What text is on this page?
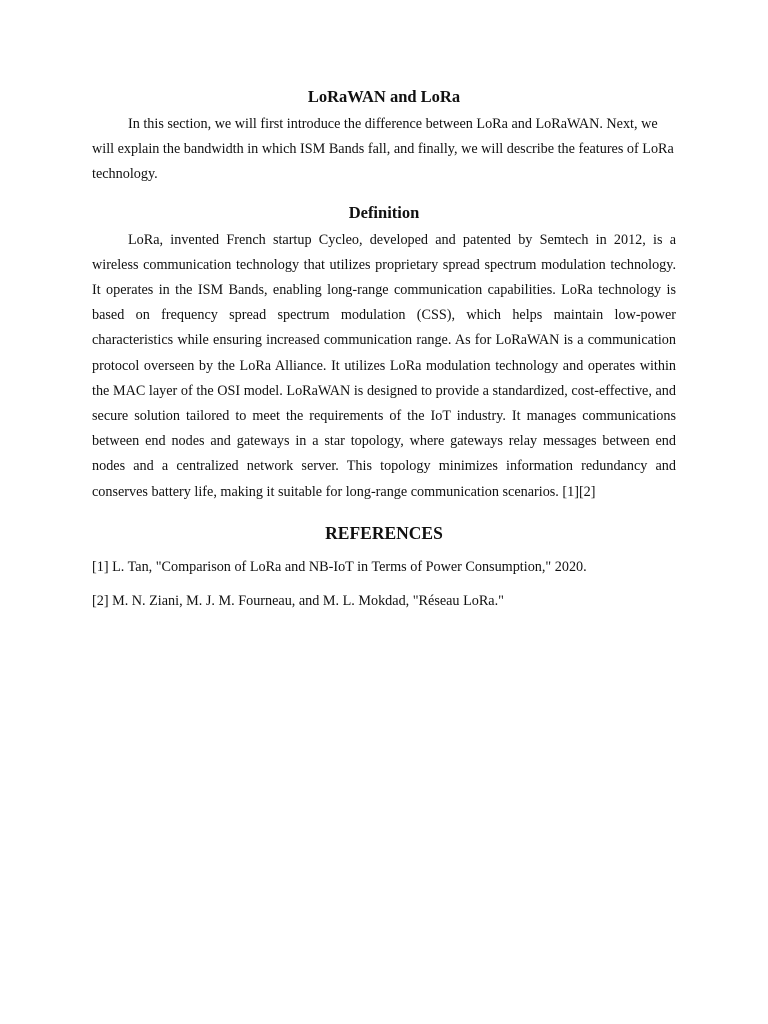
LoRaWAN and LoRa

In this section, we will first introduce the difference between LoRa and LoRaWAN. Next, we will explain the bandwidth in which ISM Bands fall, and finally, we will describe the features of LoRa technology.

Definition

LoRa, invented French startup Cycleo, developed and patented by Semtech in 2012, is a wireless communication technology that utilizes proprietary spread spectrum modulation technology. It operates in the ISM Bands, enabling long-range communication capabilities. LoRa technology is based on frequency spread spectrum modulation (CSS), which helps maintain low-power characteristics while ensuring increased communication range. As for LoRaWAN is a communication protocol overseen by the LoRa Alliance. It utilizes LoRa modulation technology and operates within the MAC layer of the OSI model. LoRaWAN is designed to provide a standardized, cost-effective, and secure solution tailored to meet the requirements of the IoT industry. It manages communications between end nodes and gateways in a star topology, where gateways relay messages between end nodes and a centralized network server. This topology minimizes information redundancy and conserves battery life, making it suitable for long-range communication scenarios. [1][2]

REFERENCES
[1] L. Tan, "Comparison of LoRa and NB-IoT in Terms of Power Consumption," 2020.
[2] M. N. Ziani, M. J. M. Fourneau, and M. L. Mokdad, "Réseau LoRa."
